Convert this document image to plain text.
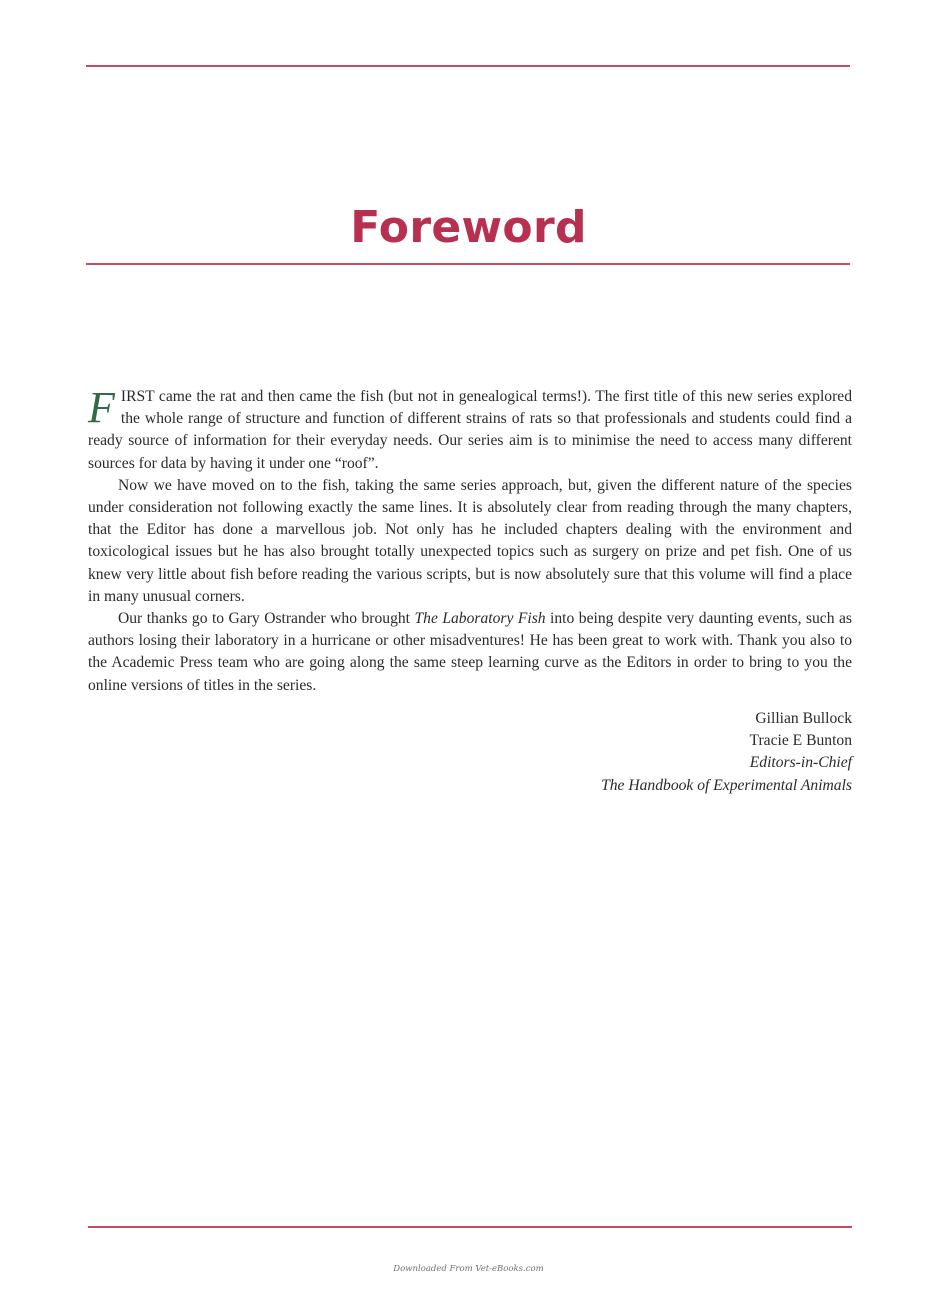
Foreword

FIRST came the rat and then came the fish (but not in genealogical terms!). The first title of this new series explored the whole range of structure and function of different strains of rats so that professionals and students could find a ready source of information for their everyday needs. Our series aim is to minimise the need to access many different sources for data by having it under one “roof”.

Now we have moved on to the fish, taking the same series approach, but, given the different nature of the species under consideration not following exactly the same lines. It is absolutely clear from reading through the many chapters, that the Editor has done a marvellous job. Not only has he included chapters dealing with the environment and toxicological issues but he has also brought totally unexpected topics such as surgery on prize and pet fish. One of us knew very little about fish before reading the various scripts, but is now absolutely sure that this volume will find a place in many unusual corners.

Our thanks go to Gary Ostrander who brought The Laboratory Fish into being despite very daunting events, such as authors losing their laboratory in a hurricane or other misadventures! He has been great to work with. Thank you also to the Academic Press team who are going along the same steep learning curve as the Editors in order to bring to you the online versions of titles in the series.

Gillian Bullock
Tracie E Bunton
Editors-in-Chief
The Handbook of Experimental Animals
Downloaded From Vet-eBooks.com
